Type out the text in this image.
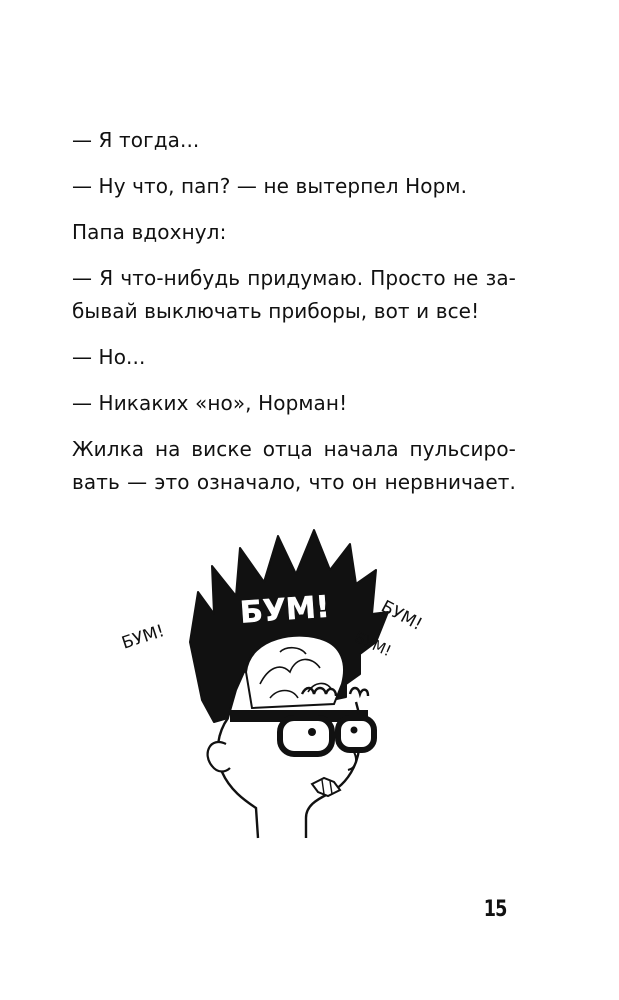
— Я тогда...

— Ну что, пап? — не вытерпел Норм.

Папа вдохнул:

— Я что-нибудь придумаю. Просто не за-
бывай выключать приборы, вот и все!

— Но...

— Никаких «но», Норман!

Жилка на виске отца начала пульсиро-
вать — это означало, что он нервничает.

БУМ!
БУМ!
БУМ!
БУМ!
15
